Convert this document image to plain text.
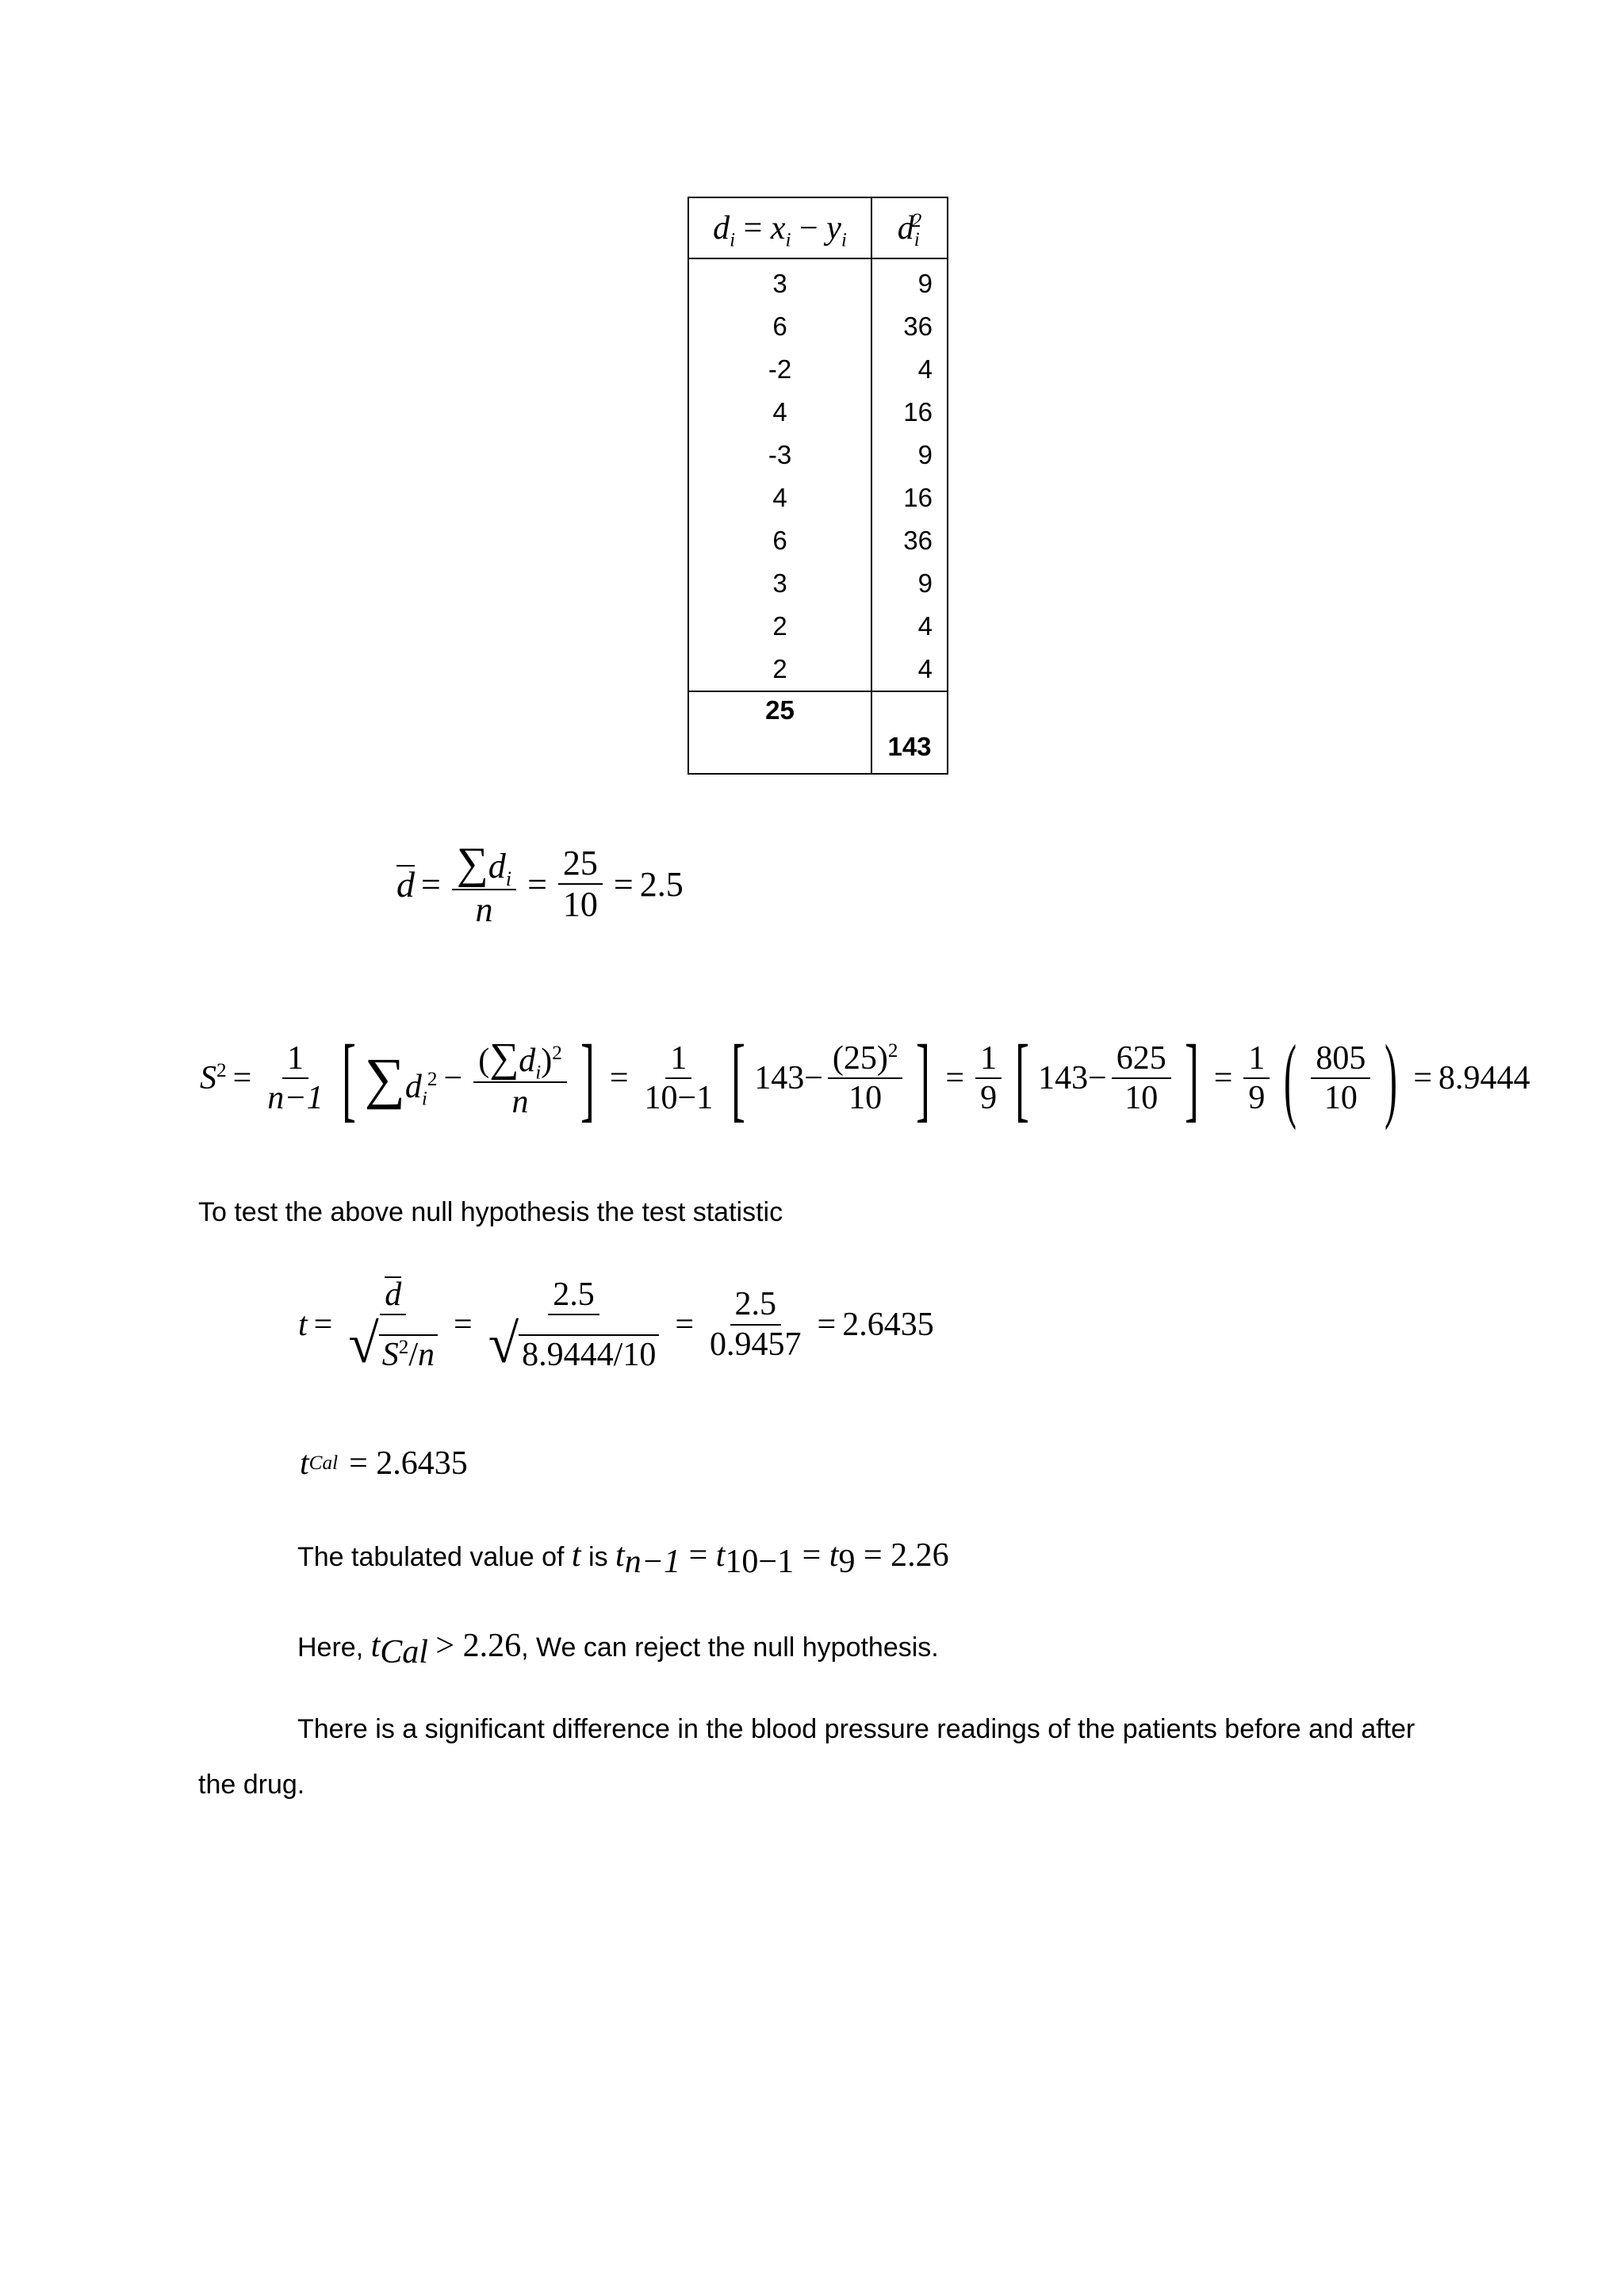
$d_i = x_i - y_i$	$d_i^2$
3	9
6	36
-2	4
4	16
-3	9
4	16
6	36
3	9
2	4
2	4
25	143
$d = \frac{\sum d_i}{n} = \frac{25}{10} = 2.5$
$S^2 = \frac{1}{n-1}$ [ $\sum d_i^2 - \frac{(\sum d_i)^2}{n}$ ] = $\frac{1}{10-1}$ [ $143- \frac{(25)^2}{10}$ ] = $\frac{1}{9}$ [ $143- \frac{625}{10}$ ] = $\frac{1}{9}$ ( $\frac{805}{10}$ ) = 8.9444
To test the above null hypothesis the test statistic
$t = \frac{d}{√ S^2/n} = \frac{2.5}{√ 8.9444/10} = \frac{2.5}{0.9457} = 2.6435$
t Cal = 2.6435
The tabulated value of t is $t_{n-1} = t_{10-1} = t_9 = 2.26$
Here, $t_{Cal} > 2.26$, We can reject the null hypothesis.
There is a significant difference in the blood pressure readings of the patients before and after
the drug.
